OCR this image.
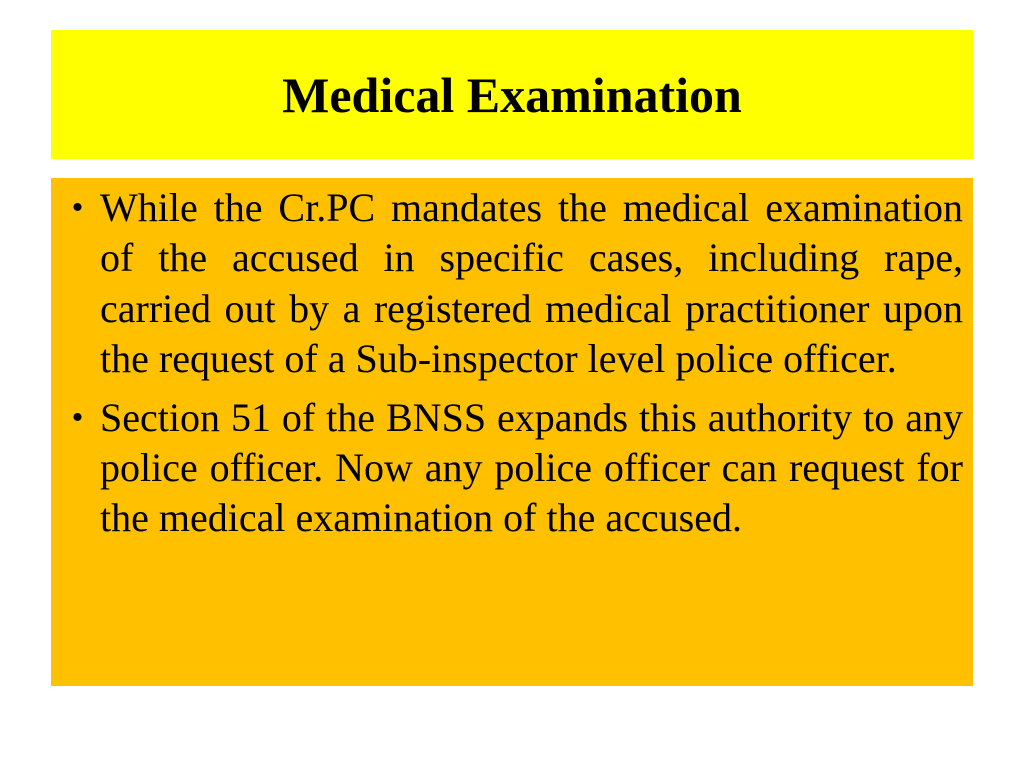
Medical Examination
• While the Cr.PC mandates the medical examination of the accused in specific cases, including rape, carried out by a registered medical practitioner upon the request of a Sub-inspector level police officer.
• Section 51 of the BNSS expands this authority to any police officer. Now any police officer can request for the medical examination of the accused.
